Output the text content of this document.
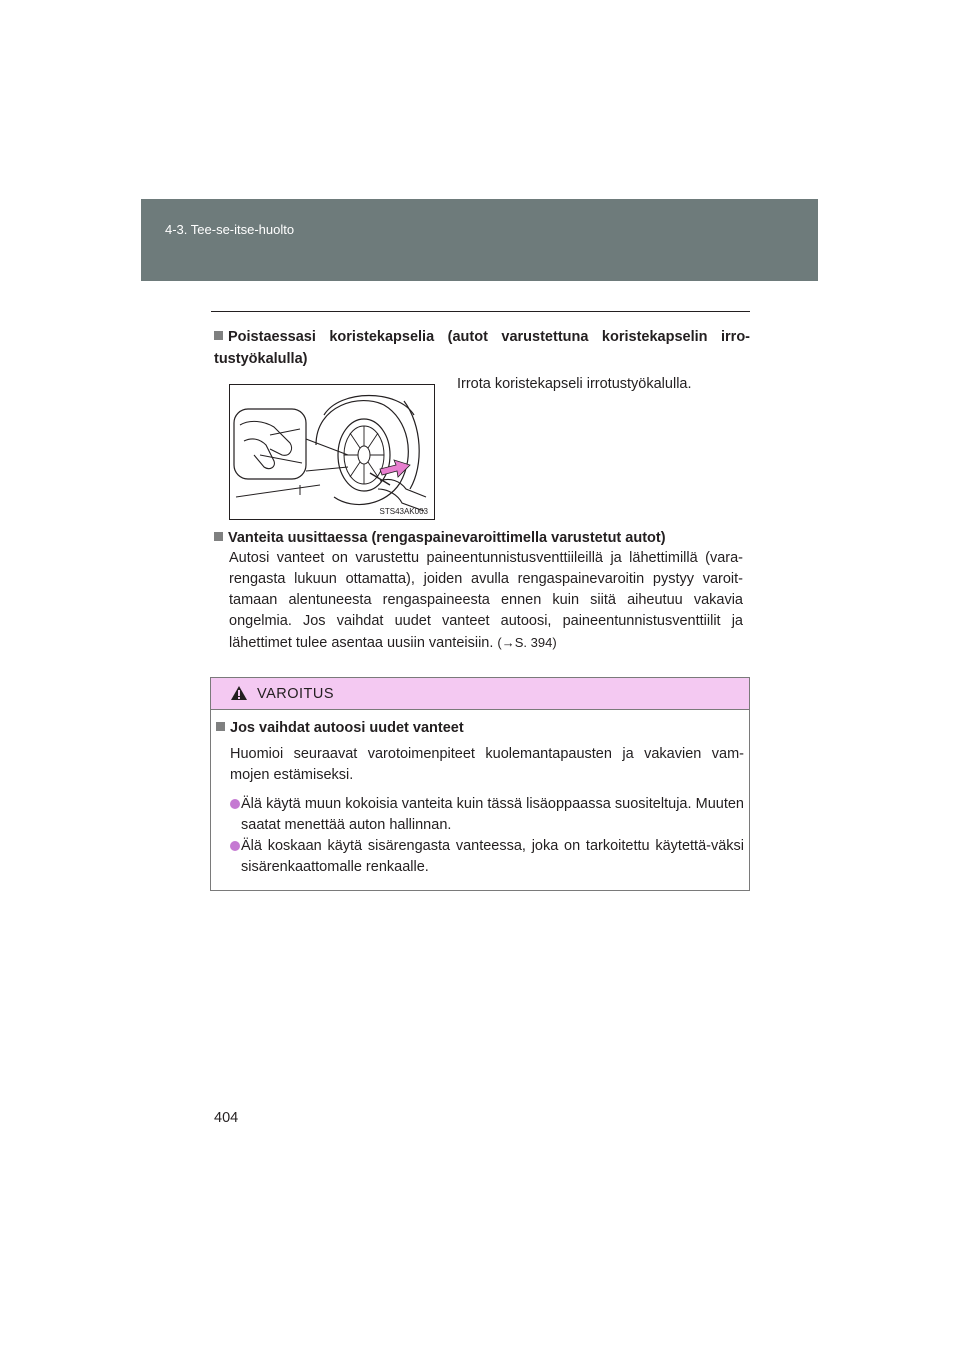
4-3. Tee-se-itse-huolto
Poistaessasi koristekapselia (autot varustettuna koristekapselin irro-tustyökalulla)
STS43AK003
Irrota koristekapseli irrotustyökalulla.
Vanteita uusittaessa (rengaspainevaroittimella varustetut autot)
Autosi vanteet on varustettu paineentunnistusventtiileillä ja lähettimillä (vara-rengasta lukuun ottamatta), joiden avulla rengaspainevaroitin pystyy varoit-tamaan alentuneesta rengaspaineesta ennen kuin siitä aiheutuu vakavia ongelmia. Jos vaihdat uudet vanteet autoosi, paineentunnistusventtiilit ja lähettimet tulee asentaa uusiin vanteisiin. (→S. 394)
VAROITUS
Jos vaihdat autoosi uudet vanteet
Huomioi seuraavat varotoimenpiteet kuolemantapausten ja vakavien vam-mojen estämiseksi.
Älä käytä muun kokoisia vanteita kuin tässä lisäoppaassa suositeltuja. Muuten saatat menettää auton hallinnan.
Älä koskaan käytä sisärengasta vanteessa, joka on tarkoitettu käytettä-väksi sisärenkaattomalle renkaalle.
404
